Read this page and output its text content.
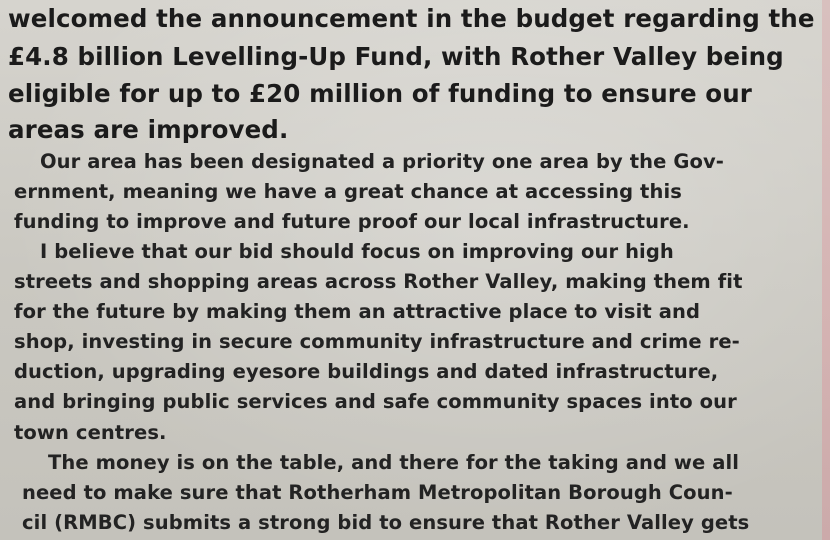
welcomed the announcement in the budget regarding the
£4.8 billion Levelling-Up Fund, with Rother Valley being
eligible for up to £20 million of funding to ensure our
areas are improved.
Our area has been designated a priority one area by the Gov-
ernment, meaning we have a great chance at accessing this
funding to improve and future proof our local infrastructure.
I believe that our bid should focus on improving our high
streets and shopping areas across Rother Valley, making them fit
for the future by making them an attractive place to visit and
shop, investing in secure community infrastructure and crime re-
duction, upgrading eyesore buildings and dated infrastructure,
and bringing public services and safe community spaces into our
town centres.
The money is on the table, and there for the taking and we all
need to make sure that Rotherham Metropolitan Borough Coun-
cil (RMBC) submits a strong bid to ensure that Rother Valley gets
